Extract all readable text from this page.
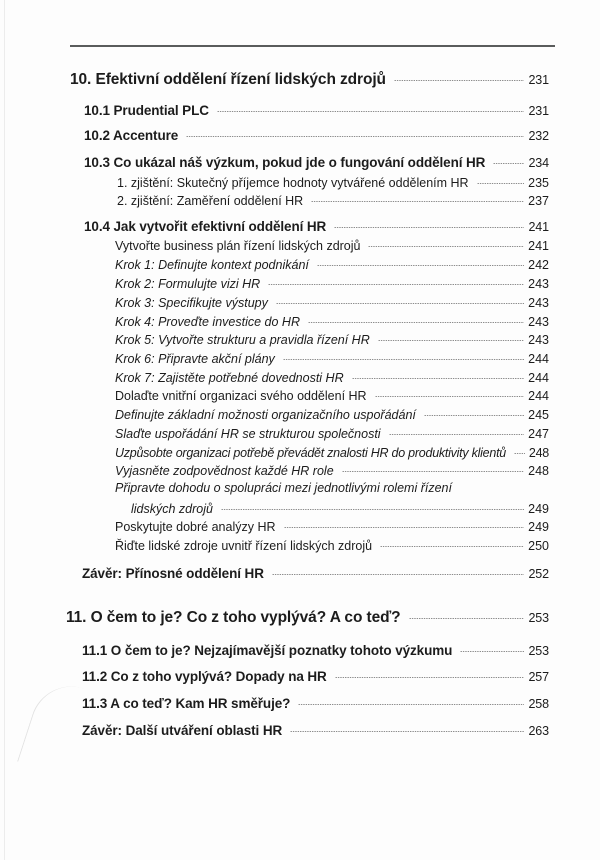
10. Efektivní oddělení řízení lidských zdrojů	231
10.1 Prudential PLC	231
10.2 Accenture	232
10.3 Co ukázal náš výzkum, pokud jde o fungování oddělení HR	234
1. zjištění: Skutečný příjemce hodnoty vytvářené oddělením HR	235
2. zjištění: Zaměření oddělení HR	237
10.4 Jak vytvořit efektivní oddělení HR	241
Vytvořte business plán řízení lidských zdrojů	241
Krok 1: Definujte kontext podnikání	242
Krok 2: Formulujte vizi HR	243
Krok 3: Specifikujte výstupy	243
Krok 4: Proveďte investice do HR	243
Krok 5: Vytvořte strukturu a pravidla řízení HR	243
Krok 6: Připravte akční plány	244
Krok 7: Zajistěte potřebné dovednosti HR	244
Dolaďte vnitřní organizaci svého oddělení HR	244
Definujte základní možnosti organizačního uspořádání	245
Slaďte uspořádání HR se strukturou společnosti	247
Uzpůsobte organizaci potřebě převádět znalosti HR do produktivity klientů 248
Vyjasněte zodpovědnost každé HR role	248
Připravte dohodu o spolupráci mezi jednotlivými rolemi řízení
lidských zdrojů	249
Poskytujte dobré analýzy HR	249
Řiďte lidské zdroje uvnitř řízení lidských zdrojů	250
Závěr: Přínosné oddělení HR	252
11. O čem to je? Co z toho vyplývá? A co teď?	253
11.1 O čem to je? Nejzajímavější poznatky tohoto výzkumu	253
11.2 Co z toho vyplývá? Dopady na HR	257
11.3 A co teď? Kam HR směřuje?	258
Závěr: Další utváření oblasti HR	263
